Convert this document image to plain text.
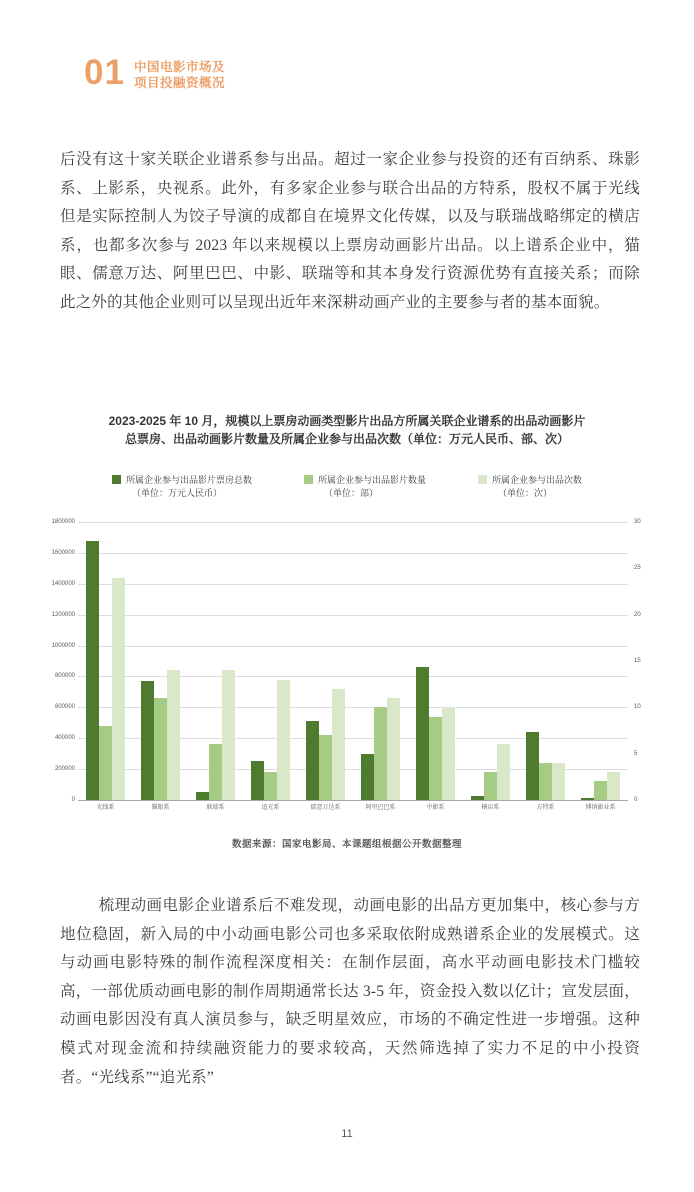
01 中国电影市场及
项目投融资概况
后没有这十家关联企业谱系参与出品。超过一家企业参与投资的还有百纳系、珠影系、上影系，央视系。此外，有多家企业参与联合出品的方特系，股权不属于光线但是实际控制人为饺子导演的成都自在境界文化传媒，以及与联瑞战略绑定的横店系，也都多次参与 2023 年以来规模以上票房动画影片出品。以上谱系企业中，猫眼、儒意万达、阿里巴巴、中影、联瑞等和其本身发行资源优势有直接关系；而除此之外的其他企业则可以呈现出近年来深耕动画产业的主要参与者的基本面貌。
2023-2025 年 10 月，规模以上票房动画类型影片出品方所属关联企业谱系的出品动画影片
总票房、出品动画影片数量及所属企业参与出品次数（单位：万元人民币、部、次）
所属企业参与出品影片票房总数
（单位：万元人民币）
所属企业参与出品影片数量
（单位：部）
所属企业参与出品次数
（单位：次）
0
200000
400000
600000
800000
1000000
1200000
1400000
1600000
1800000
0
5
10
15
20
25
30
光线系	猫眼系	联瑞系	追光系	儒意万达系	阿里巴巴系	中影系	横店系	方特系	博纳影业系
数据来源：国家电影局、本课题组根据公开数据整理
梳理动画电影企业谱系后不难发现，动画电影的出品方更加集中，核心参与方地位稳固，新入局的中小动画电影公司也多采取依附成熟谱系企业的发展模式。这与动画电影特殊的制作流程深度相关：在制作层面，高水平动画电影技术门槛较高，一部优质动画电影的制作周期通常长达 3-5 年，资金投入数以亿计；宣发层面，动画电影因没有真人演员参与，缺乏明星效应，市场的不确定性进一步增强。这种模式对现金流和持续融资能力的要求较高，天然筛选掉了实力不足的中小投资者。“光线系”“追光系”
11
